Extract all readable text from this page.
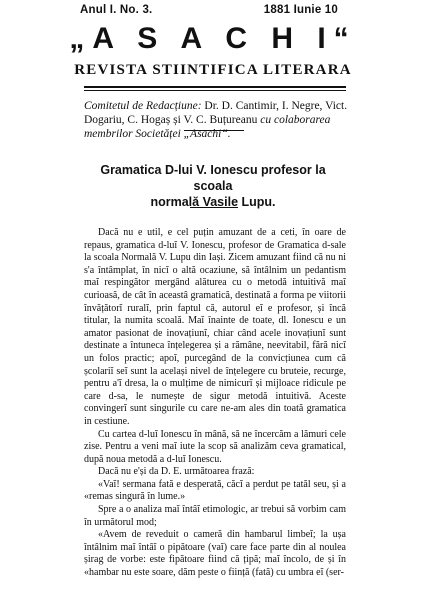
Anul I. No. 3.	1881 Iunie 10
„A S A C H I“
REVISTA STIINTIFICA LITERARA
Comitetul de Redacțiune: Dr. D. Cantimir, I. Negre, Vict. Dogariu, C. Hogaș și V. C. Buțureanu cu colaborarea membrilor Societăței „Asachi“.
Gramatica D-lui V. Ionescu profesor la scoala
normală Vasile Lupu.

Dacă nu e util, e cel puțin amuzant de a ceti, în oare de repaus, gramatica d-luĭ V. Ionescu, profesor de Gramatica d-sale la scoala Normală V. Lupu din Iași. Zicem amuzant fiind că nu ni s'a întâmplat, în nicĭ o altă ocaziune, să întâlnim un pedantism maĭ respingător mergând alăturea cu o metodă intuitivă maĭ curioasă, de cât în aceastâ gramatică, destinată a forma pe viitorii învățătorĭ ruralĭ, prin faptul că, autorul eĭ e profesor, și încă titular, la numita scoală. Maĭ înainte de toate, dl. Ionescu e un amator pasionat de inovațiunĭ, chiar când acele inovațiunĭ sunt destinate a întuneca înțelegerea și a rămâne, neevitabil, fără nicĭ un folos practic; apoĭ, purcegând de la convicțiunea cum că școlariĭ seĭ sunt la același nivel de înțelegere cu bruteie, recurge, pentru a'ĭ dresa, la o mulțime de nimicurĭ și mijloace ridicule pe care d-sa, le numește de sigur metodă intuitivă. Aceste convingerĭ sunt singurile cu care ne-am ales din toată gramatica in cestiune.

Cu cartea d-luĭ Ionescu în mână, să ne încercăm a lămuri cele zise. Pentru a veni maĭ iute la scop să analizăm ceva gramatical, după noua metodă a d-luĭ Ionescu.

Dacă nu e'și da D. E. următoarea frază:

«Vaĭ! sermana fată e desperată, căcĭ a perdut pe tatăl seu, și a «remas singură în lume.»

Spre a o analiza maĭ întâĭ etimologic, ar trebui să vorbim cam în următorul mod;

«Avem de reveduit o cameră din hambarul limbeĭ; la ușa întâlnim maĭ întâĭ o pipătoare (vaĭ) care face parte din al noulea șirag de vorbe: este fipătoare fiind că țipă; maĭ încolo, de și în «hambar nu este soare, dăm peste o ființă (fată) cu umbra eĭ (ser-
